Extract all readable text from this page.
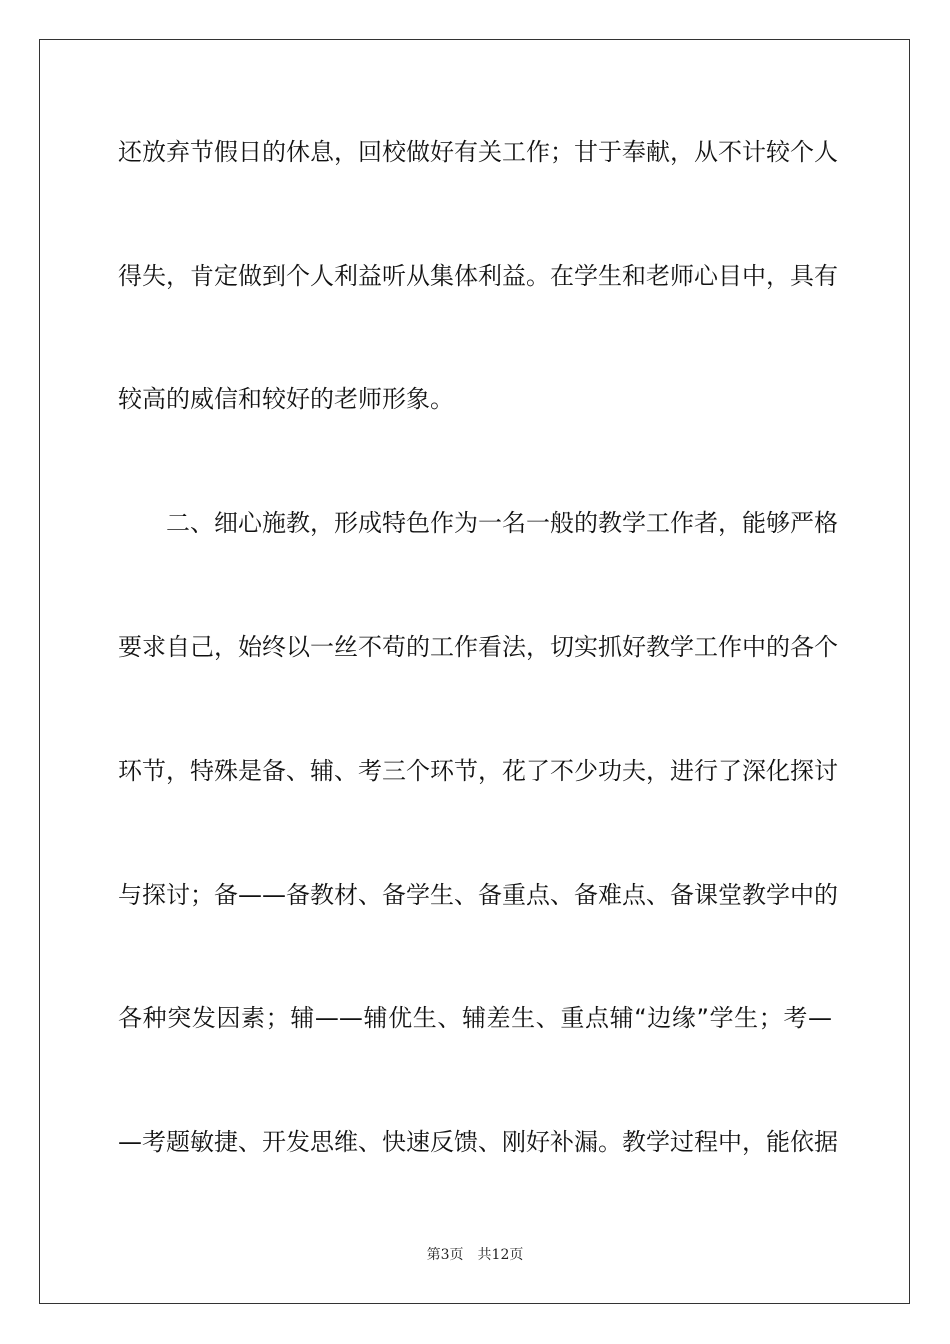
还放弃节假日的休息，回校做好有关工作；甘于奉献，从不计较个人
得失，肯定做到个人利益听从集体利益。在学生和老师心目中，具有
较高的威信和较好的老师形象。
二、细心施教，形成特色作为一名一般的教学工作者，能够严格
要求自己，始终以一丝不苟的工作看法，切实抓好教学工作中的各个
环节，特殊是备、辅、考三个环节，花了不少功夫，进行了深化探讨
与探讨；备——备教材、备学生、备重点、备难点、备课堂教学中的
各种突发因素；辅——辅优生、辅差生、重点辅“边缘”学生；考—
—考题敏捷、开发思维、快速反馈、刚好补漏。教学过程中，能依据
第3页 共12页
